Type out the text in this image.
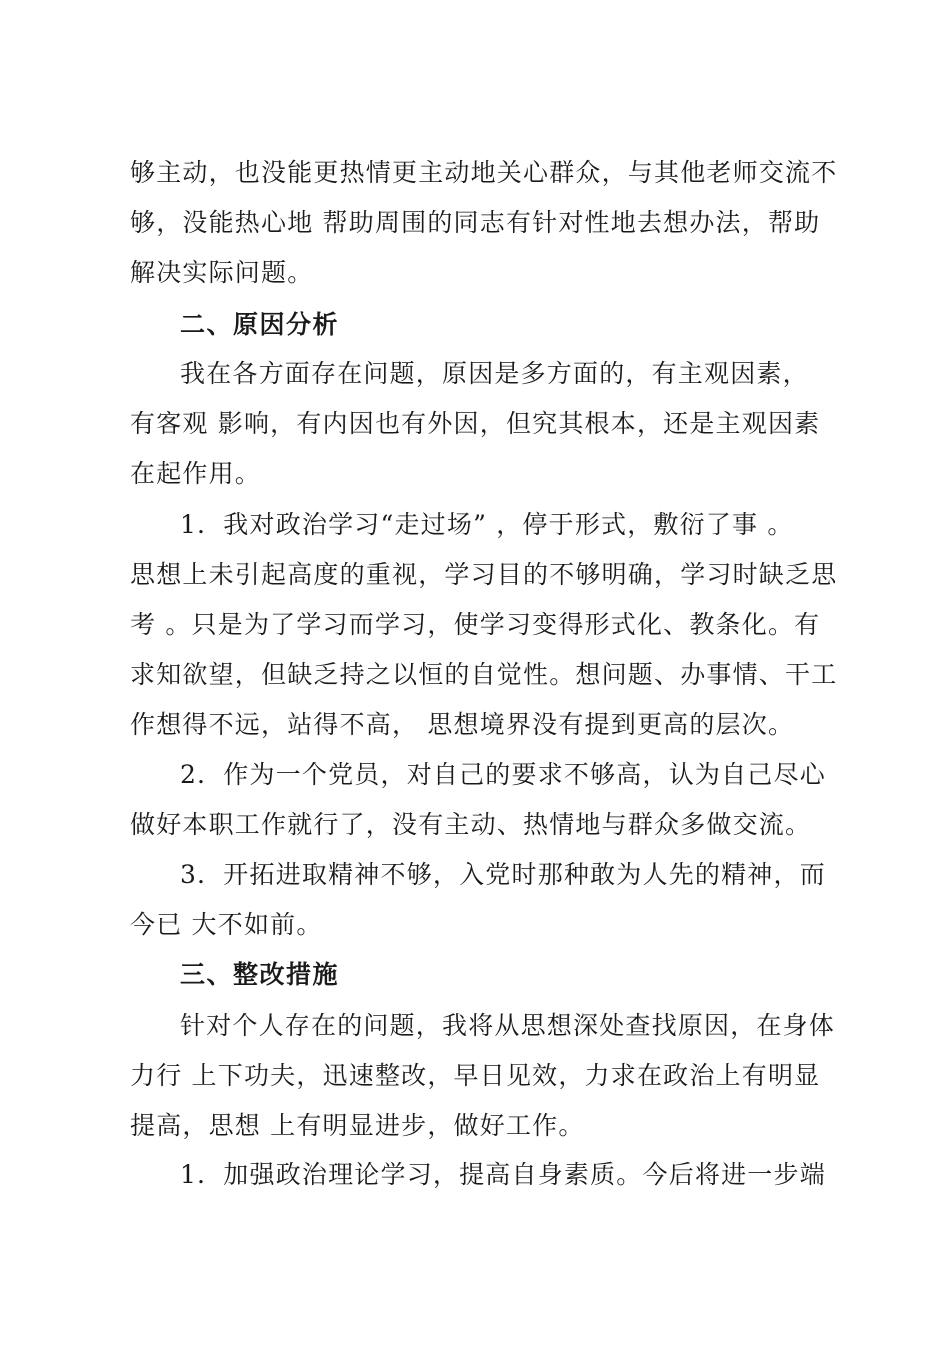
够主动，也没能更热情更主动地关心群众，与其他老师交流不

够，没能热心地 帮助周围的同志有针对性地去想办法，帮助

解决实际问题。

二、原因分析

我在各方面存在问题，原因是多方面的，有主观因素，

有客观 影响，有内因也有外因，但究其根本，还是主观因素

在起作用。

1．我对政治学习“走过场” ，停于形式，敷衍了事 。

思想上未引起高度的重视，学习目的不够明确，学习时缺乏思

考 。只是为了学习而学习，使学习变得形式化、教条化。有

求知欲望，但缺乏持之以恒的自觉性。想问题、办事情、干工

作想得不远，站得不高， 思想境界没有提到更高的层次。

2．作为一个党员，对自己的要求不够高，认为自己尽心

做好本职工作就行了，没有主动、热情地与群众多做交流。

3．开拓进取精神不够，入党时那种敢为人先的精神，而

今已 大不如前。

三、整改措施

针对个人存在的问题，我将从思想深处查找原因，在身体

力行 上下功夫，迅速整改，早日见效，力求在政治上有明显

提高，思想 上有明显进步，做好工作。

1．加强政治理论学习，提高自身素质。今后将进一步端
